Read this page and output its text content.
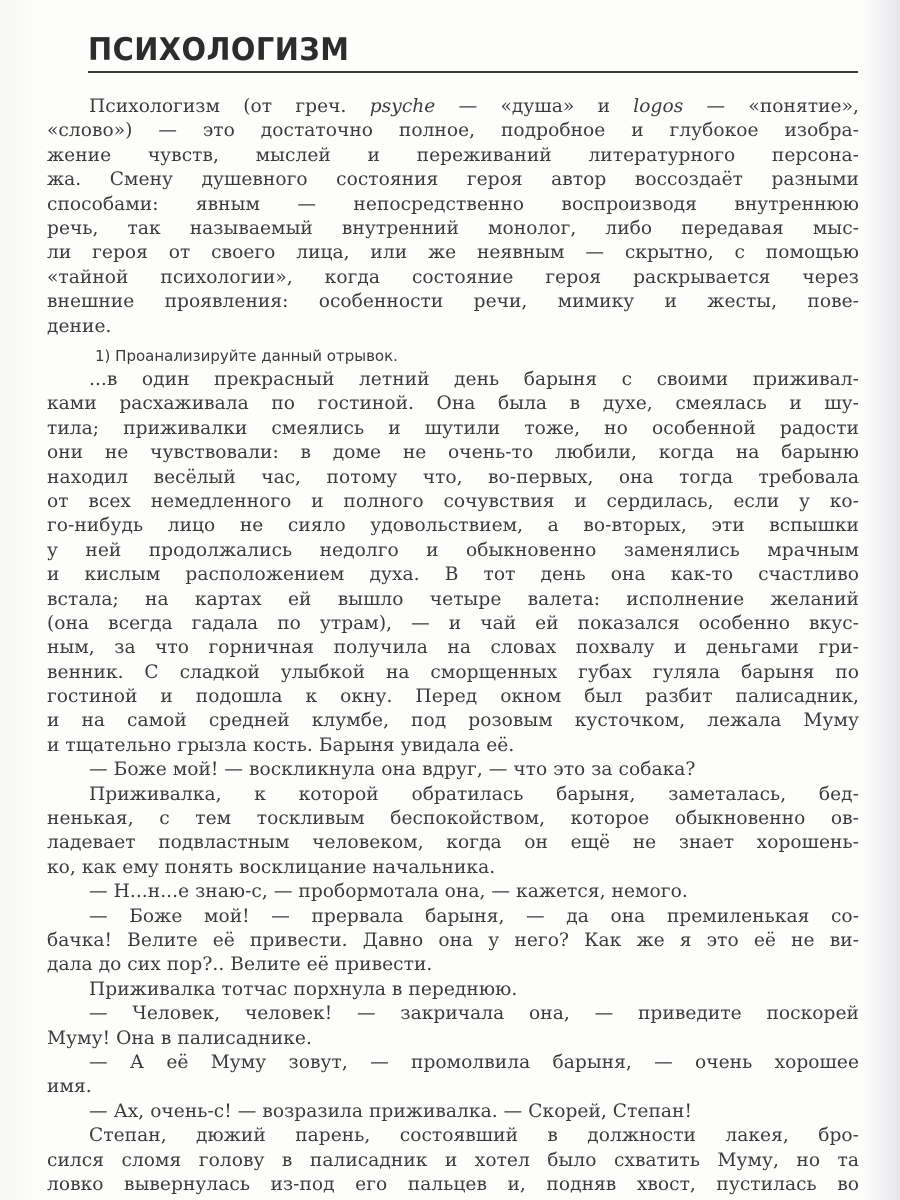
ПСИХОЛОГИЗМ
Психологизм (от греч. psyche — «душа» и logos — «понятие»,
«слово») — это достаточно полное, подробное и глубокое изобра-
жение чувств, мыслей и переживаний литературного персона-
жа. Смену душевного состояния героя автор воссоздаёт разными
способами: явным — непосредственно воспроизводя внутреннюю
речь, так называемый внутренний монолог, либо передавая мыс-
ли героя от своего лица, или же неявным — скрытно, с помощью
«тайной психологии», когда состояние героя раскрывается через
внешние проявления: особенности речи, мимику и жесты, пове-
дение.
1) Проанализируйте данный отрывок.
...в один прекрасный летний день барыня с своими приживал-
ками расхаживала по гостиной. Она была в духе, смеялась и шу-
тила; приживалки смеялись и шутили тоже, но особенной радости
они не чувствовали: в доме не очень-то любили, когда на барыню
находил весёлый час, потому что, во-первых, она тогда требовала
от всех немедленного и полного сочувствия и сердилась, если у ко-
го-нибудь лицо не сияло удовольствием, а во-вторых, эти вспышки
у ней продолжались недолго и обыкновенно заменялись мрачным
и кислым расположением духа. В тот день она как-то счастливо
встала; на картах ей вышло четыре валета: исполнение желаний
(она всегда гадала по утрам), — и чай ей показался особенно вкус-
ным, за что горничная получила на словах похвалу и деньгами гри-
венник. С сладкой улыбкой на сморщенных губах гуляла барыня по
гостиной и подошла к окну. Перед окном был разбит палисадник,
и на самой средней клумбе, под розовым кусточком, лежала Муму
и тщательно грызла кость. Барыня увидала её.
— Боже мой! — воскликнула она вдруг, — что это за собака?
Приживалка, к которой обратилась барыня, заметалась, бед-
ненькая, с тем тоскливым беспокойством, которое обыкновенно ов-
ладевает подвластным человеком, когда он ещё не знает хорошень-
ко, как ему понять восклицание начальника.
— Н...н...е знаю-с, — пробормотала она, — кажется, немого.
— Боже мой! — прервала барыня, — да она премиленькая со-
бачка! Велите её привести. Давно она у него? Как же я это её не ви-
дала до сих пор?.. Велите её привести.
Приживалка тотчас порхнула в переднюю.
— Человек, человек! — закричала она, — приведите поскорей
Муму! Она в палисаднике.
— А её Муму зовут, — промолвила барыня, — очень хорошее
имя.
— Ах, очень-с! — возразила приживалка. — Скорей, Степан!
Степан, дюжий парень, состоявший в должности лакея, бро-
сился сломя голову в палисадник и хотел было схватить Муму, но та
ловко вывернулась из-под его пальцев и, подняв хвост, пустилась во
